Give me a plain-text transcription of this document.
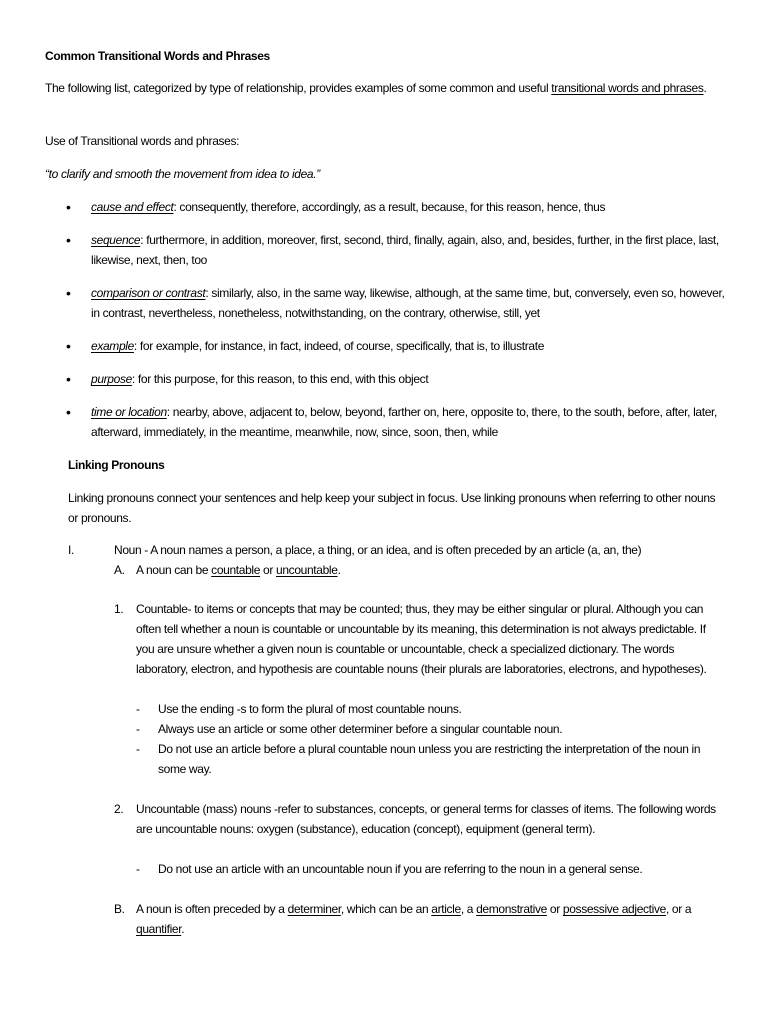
Common Transitional Words and Phrases
The following list, categorized by type of relationship, provides examples of some common and useful transitional words and phrases.
Use of Transitional words and phrases:
“to clarify and smooth the movement from idea to idea.”
• cause and effect: consequently, therefore, accordingly, as a result, because, for this reason, hence, thus
• sequence: furthermore, in addition, moreover, first, second, third, finally, again, also, and, besides, further, in the first place, last, likewise, next, then, too
• comparison or contrast: similarly, also, in the same way, likewise, although, at the same time, but, conversely, even so, however, in contrast, nevertheless, nonetheless, notwithstanding, on the contrary, otherwise, still, yet
• example: for example, for instance, in fact, indeed, of course, specifically, that is, to illustrate
• purpose: for this purpose, for this reason, to this end, with this object
• time or location: nearby, above, adjacent to, below, beyond, farther on, here, opposite to, there, to the south, before, after, later, afterward, immediately, in the meantime, meanwhile, now, since, soon, then, while
Linking Pronouns
Linking pronouns connect your sentences and help keep your subject in focus. Use linking pronouns when referring to other nouns or pronouns.
I.	Noun - A noun names a person, a place, a thing, or an idea, and is often preceded by an article (a, an, the)
A. A noun can be countable or uncountable.
1. Countable- to items or concepts that may be counted; thus, they may be either singular or plural. Although you can often tell whether a noun is countable or uncountable by its meaning, this determination is not always predictable. If you are unsure whether a given noun is countable or uncountable, check a specialized dictionary. The words laboratory, electron, and hypothesis are countable nouns (their plurals are laboratories, electrons, and hypotheses).
- Use the ending -s to form the plural of most countable nouns.
- Always use an article or some other determiner before a singular countable noun.
- Do not use an article before a plural countable noun unless you are restricting the interpretation of the noun in some way.
2. Uncountable (mass) nouns -refer to substances, concepts, or general terms for classes of items. The following words are uncountable nouns: oxygen (substance), education (concept), equipment (general term).
- Do not use an article with an uncountable noun if you are referring to the noun in a general sense.
B. A noun is often preceded by a determiner, which can be an article, a demonstrative or possessive adjective, or a quantifier.
